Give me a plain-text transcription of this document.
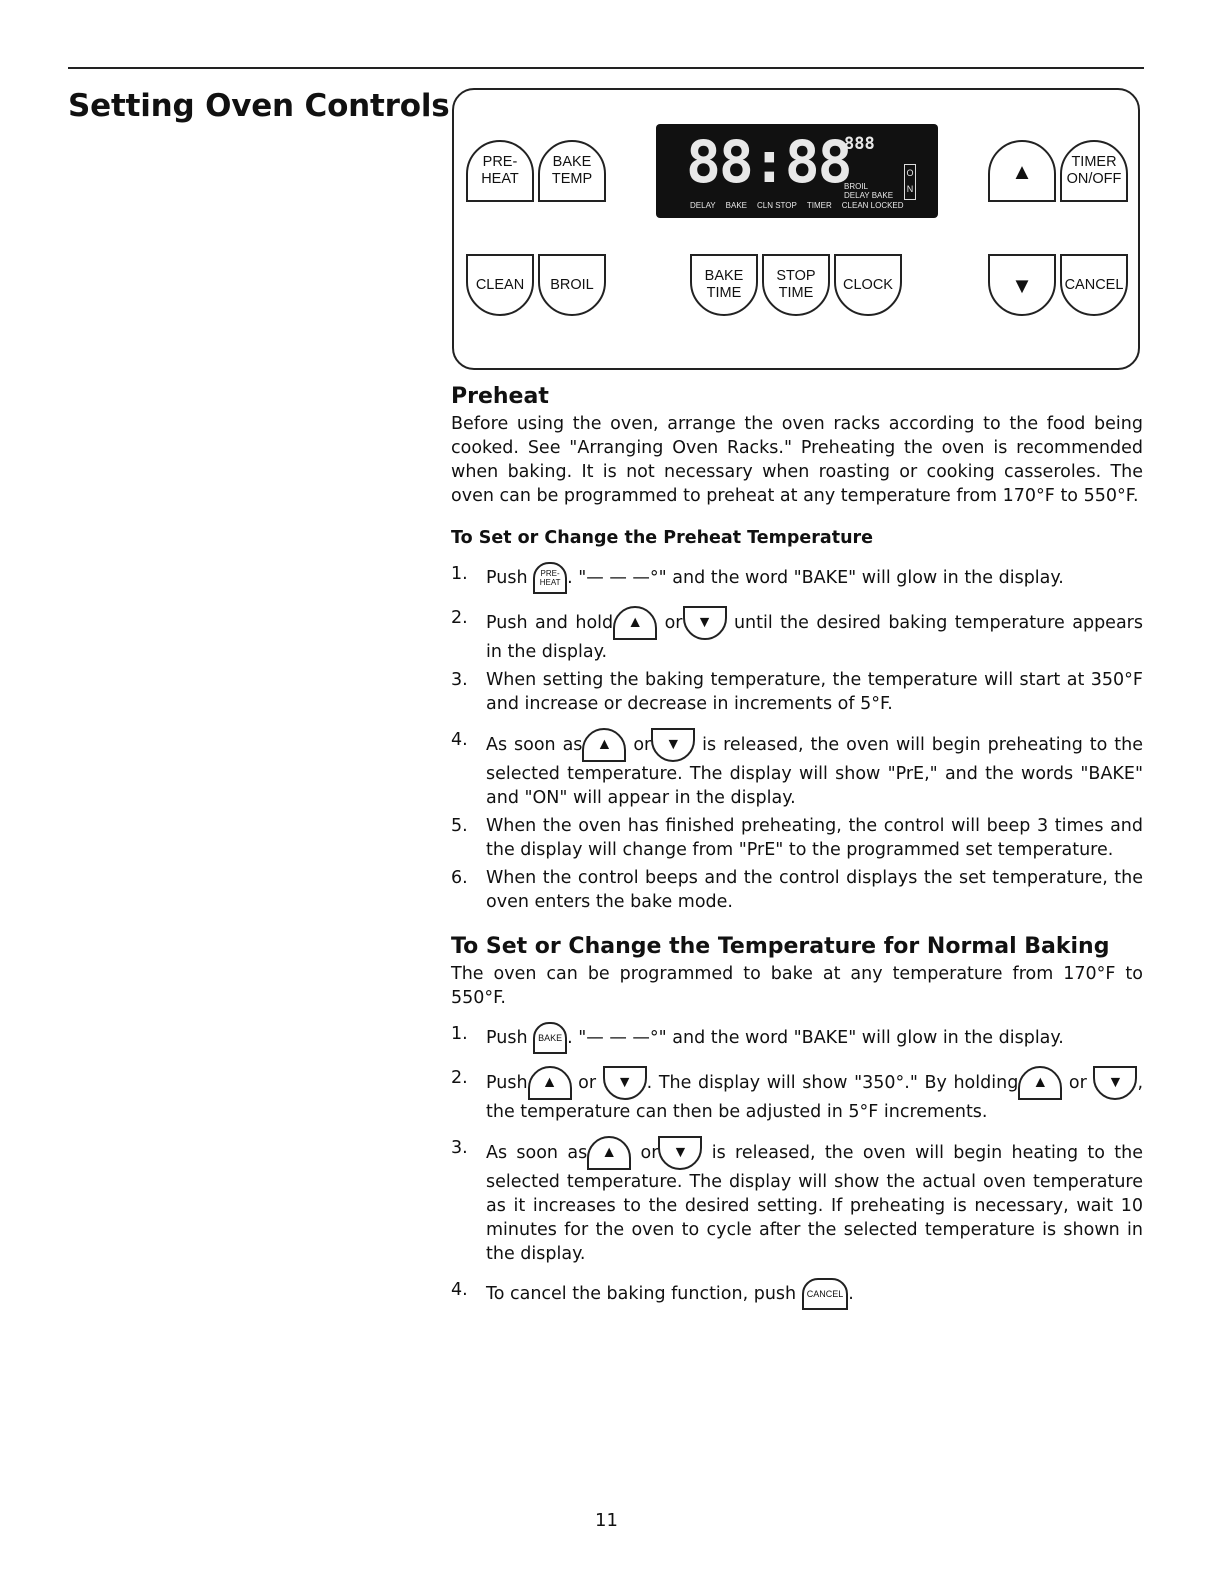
Setting Oven Controls
PRE-
HEAT
BAKE
TEMP
CLEAN	BROIL
88:88
888
BROIL
DELAY BAKE
O
N
DELAY BAKE CLN STOP TIMER CLEAN LOCKED
BAKE
TIME
STOP
TIME
CLOCK
▲	TIMER
ON/OFF
▼	CANCEL
Preheat

Before using the oven, arrange the oven racks according to the food being cooked. See "Arranging Oven Racks." Preheating the oven is recommended when baking. It is not necessary when roasting or cooking casseroles. The oven can be programmed to preheat at any temperature from 170°F to 550°F.

To Set or Change the Preheat Temperature
1. Push PRE-
HEAT . "— — —°" and the word "BAKE" will glow in the display.
2. Push and hold ▲ or ▼ until the desired baking temperature appears in the display.
3. When setting the baking temperature, the temperature will start at 350°F and increase or decrease in increments of 5°F.
4. As soon as ▲ or ▼ is released, the oven will begin preheating to the selected temperature. The display will show "PrE," and the words "BAKE" and "ON" will appear in the display.
5. When the oven has finished preheating, the control will beep 3 times and the display will change from "PrE" to the programmed set temperature.
6. When the control beeps and the control displays the set temperature, the oven enters the bake mode.
To Set or Change the Temperature for Normal Baking

The oven can be programmed to bake at any temperature from 170°F to 550°F.

1. Push BAKE . "— — —°" and the word "BAKE" will glow in the display.
2. Push ▲ or ▼ . The display will show "350°." By holding ▲ or ▼ , the temperature can then be adjusted in 5°F increments.
3. As soon as ▲ or ▼ is released, the oven will begin heating to the selected temperature. The display will show the actual oven temperature as it increases to the desired setting. If preheating is necessary, wait 10 minutes for the oven to cycle after the selected temperature is shown in the display.
4. To cancel the baking function, push CANCEL .
11
